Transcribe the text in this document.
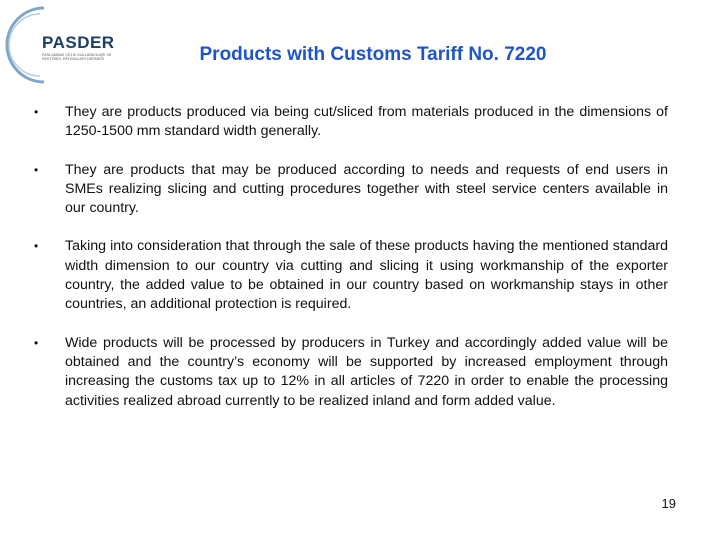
PASDER
PASLANMAZ ÇELİK KULLANICILARI VE SEKTÖREL PAYDAŞLARI DERNEĞİ	Products with Customs Tariff No. 7220
•	They are products produced via being cut/sliced from materials produced in the dimensions of 1250-1500 mm standard width generally.
•	They are products that may be produced according to needs and requests of end users in SMEs realizing slicing and cutting procedures together with steel service centers available in our country.
•	Taking into consideration that through the sale of these products having the mentioned standard width dimension to our country via cutting and slicing it using workmanship of the exporter country, the added value to be obtained in our country based on workmanship stays in other countries, an additional protection is required.
•	Wide products will be processed by producers in Turkey and accordingly added value will be obtained and the country’s economy will be supported by increased employment through increasing the customs tax up to 12% in all articles of 7220 in order to enable the processing activities realized abroad currently to be realized inland and form added value.
19
